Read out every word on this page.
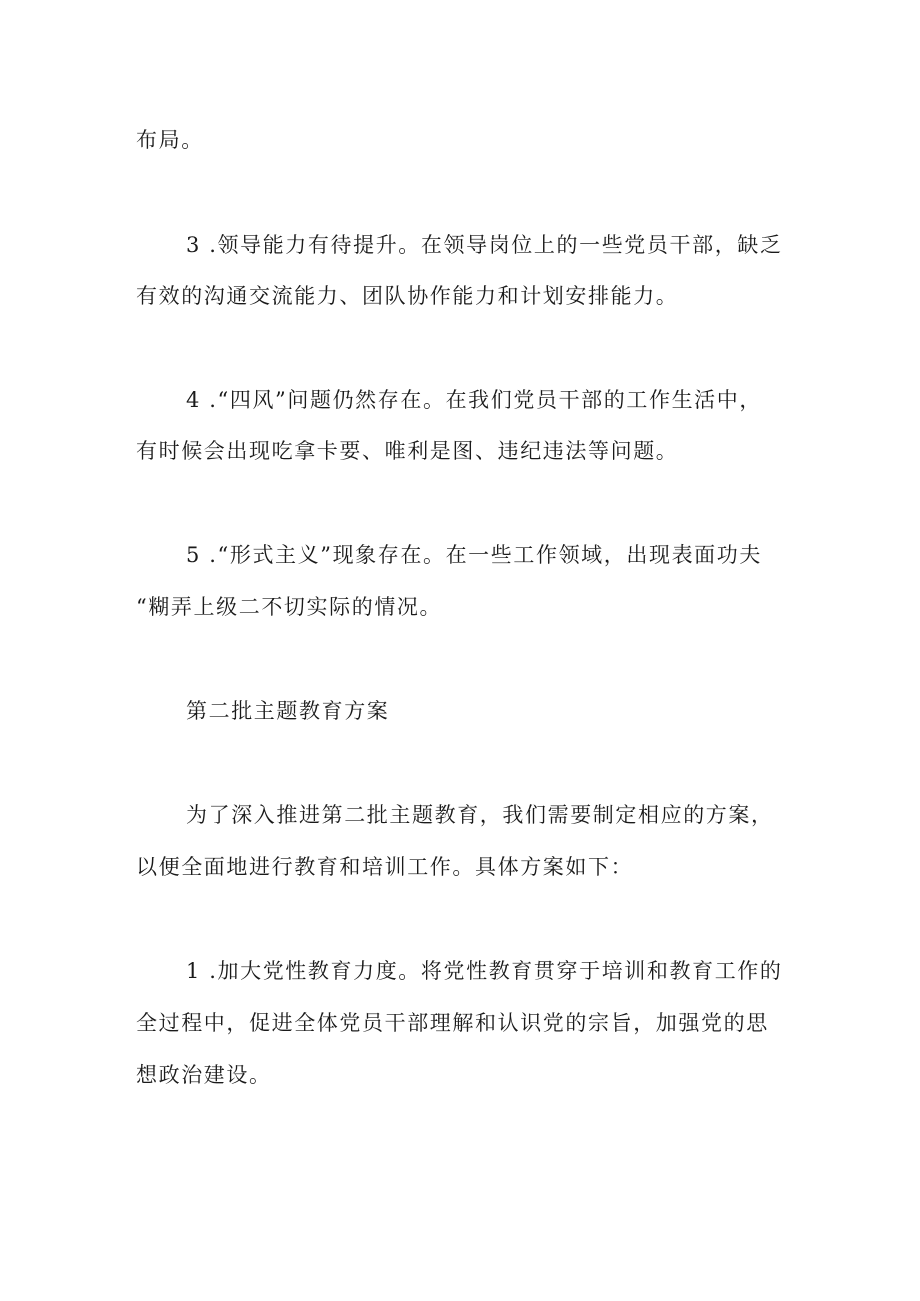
布局。
3 .领导能力有待提升。在领导岗位上的一些党员干部，缺乏
有效的沟通交流能力、团队协作能力和计划安排能力。
4 .“四风”问题仍然存在。在我们党员干部的工作生活中，
有时候会出现吃拿卡要、唯利是图、违纪违法等问题。
5 .“形式主义”现象存在。在一些工作领域，出现表面功夫
“糊弄上级二不切实际的情况。
第二批主题教育方案
为了深入推进第二批主题教育，我们需要制定相应的方案，
以便全面地进行教育和培训工作。具体方案如下：
1 .加大党性教育力度。将党性教育贯穿于培训和教育工作的
全过程中，促进全体党员干部理解和认识党的宗旨，加强党的思
想政治建设。
